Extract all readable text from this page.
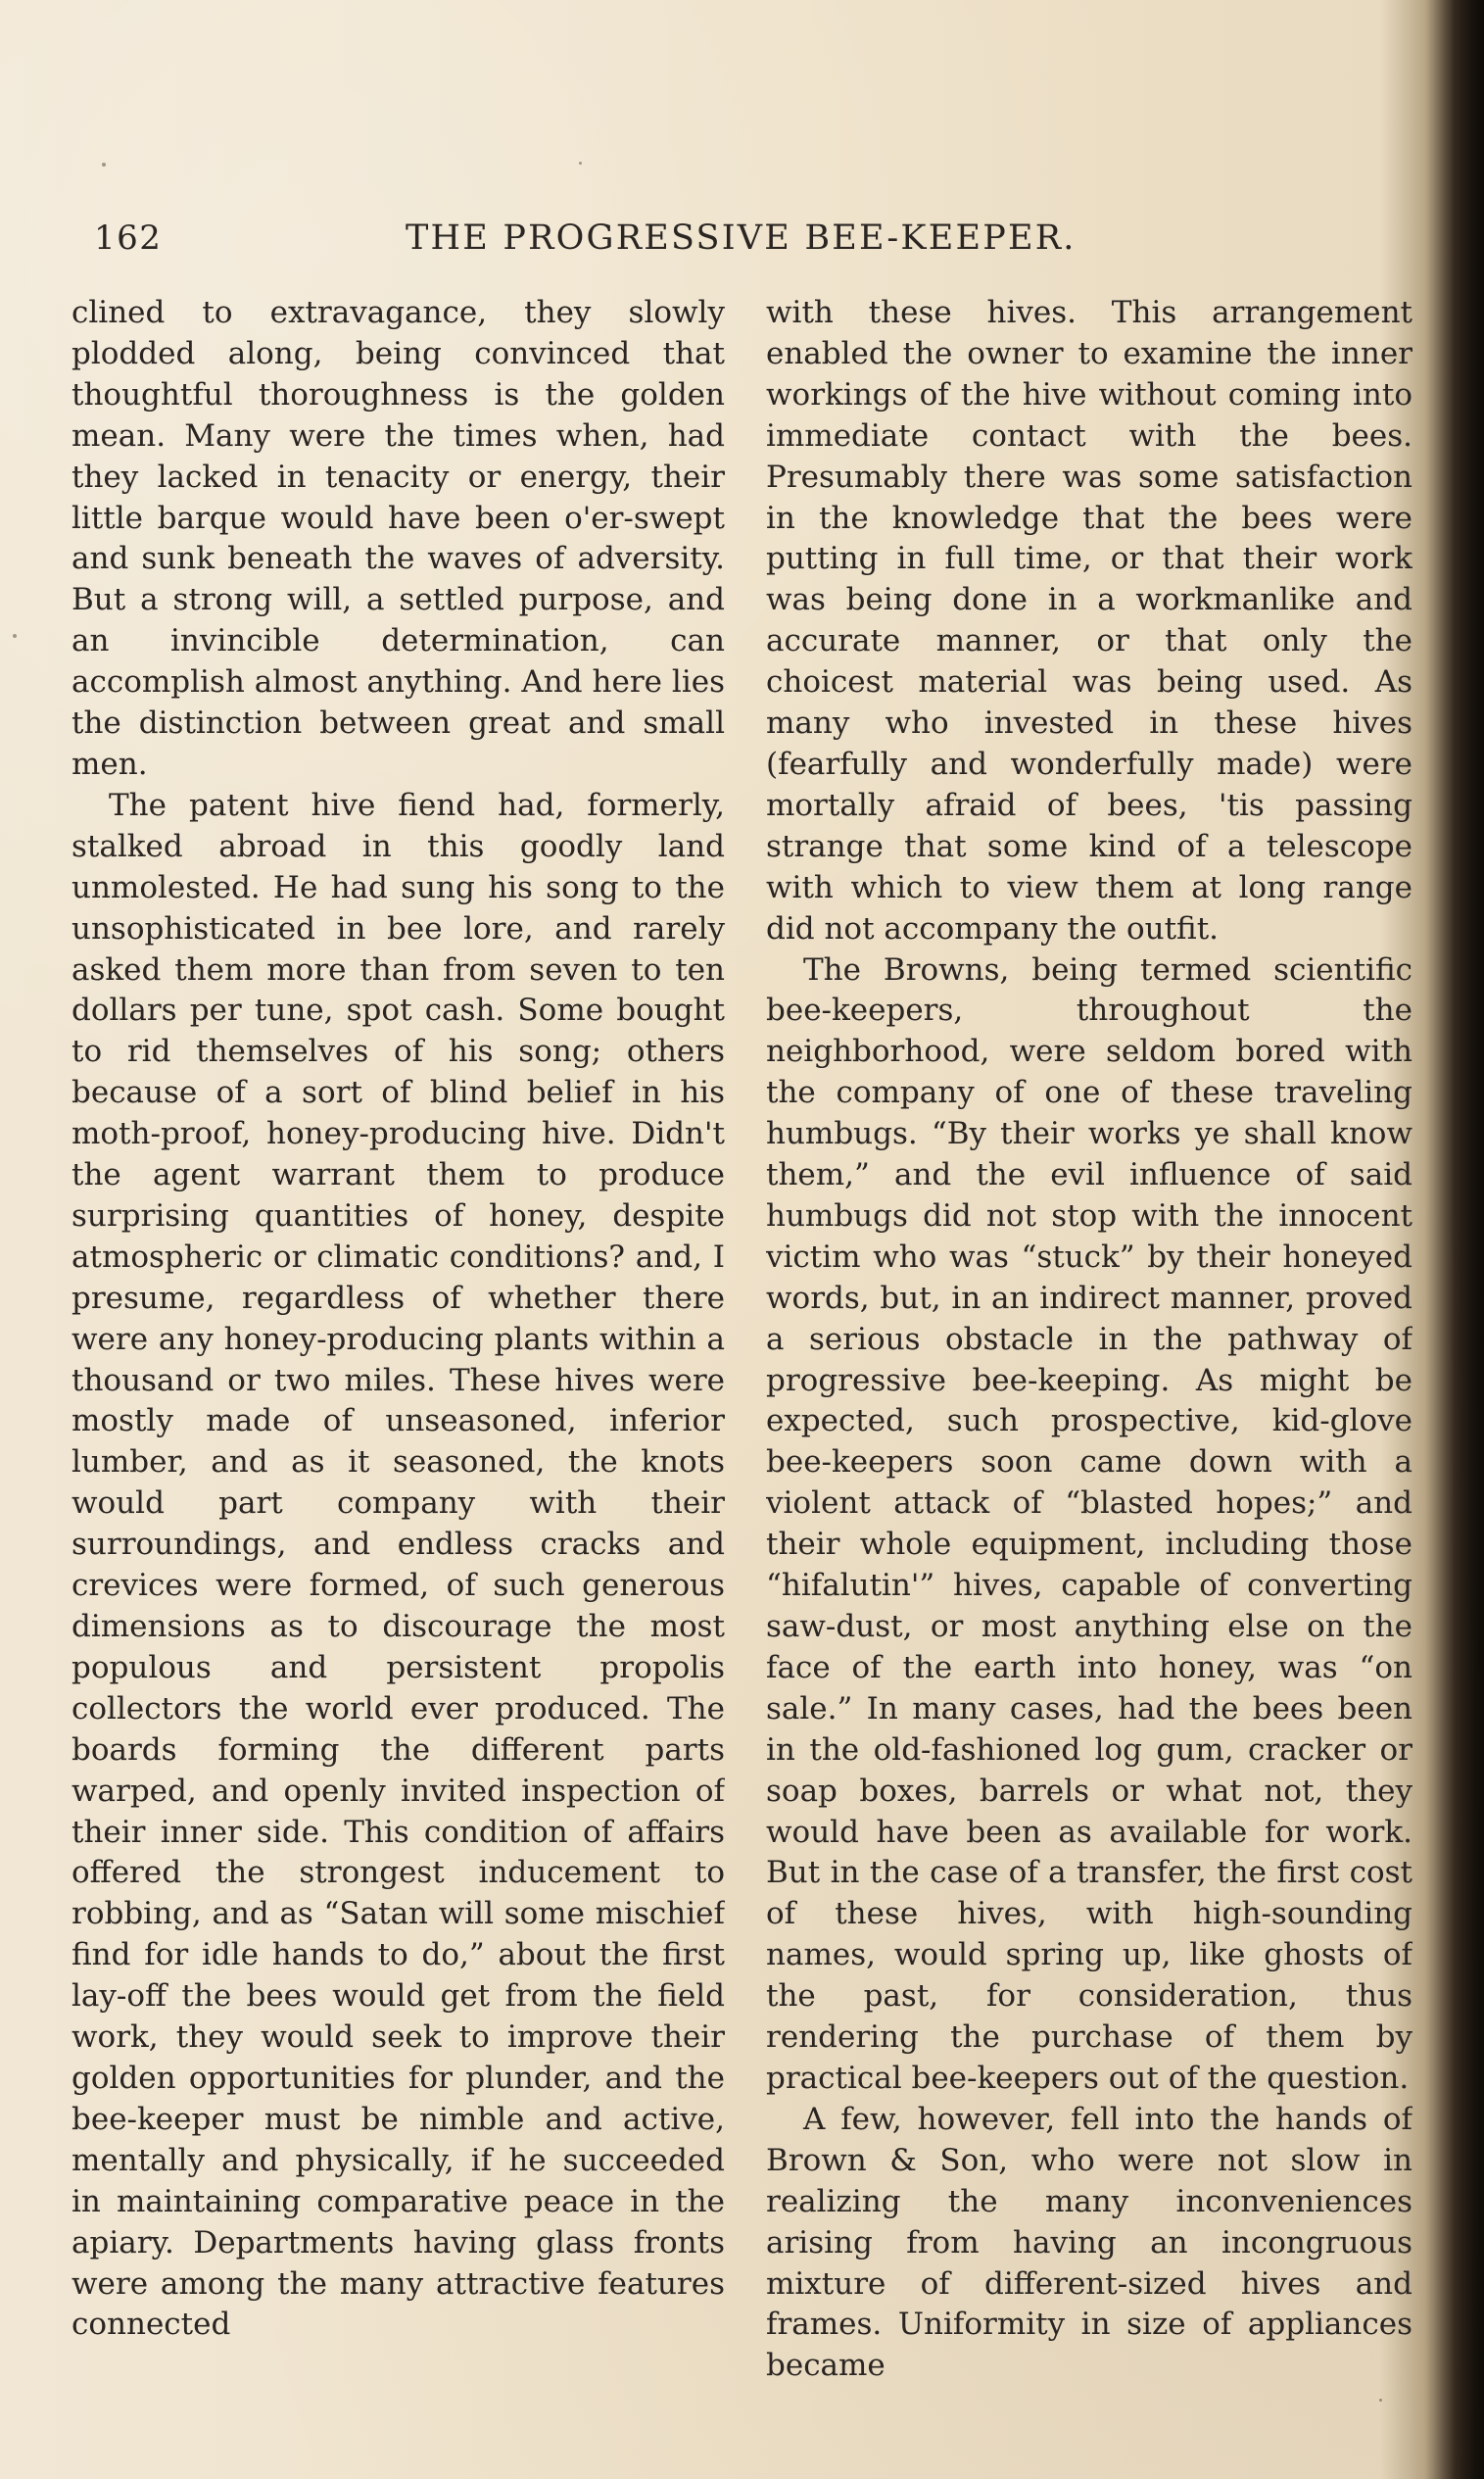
162	THE PROGRESSIVE BEE-KEEPER.

clined to extravagance, they slowly plodded along, being convinced that thoughtful thoroughness is the golden mean. Many were the times when, had they lacked in tenacity or energy, their little barque would have been o'er-swept and sunk beneath the waves of adversity. But a strong will, a settled purpose, and an invincible determination, can accomplish almost anything. And here lies the distinction between great and small men.

The patent hive fiend had, formerly, stalked abroad in this goodly land unmolested. He had sung his song to the unsophisticated in bee lore, and rarely asked them more than from seven to ten dollars per tune, spot cash. Some bought to rid themselves of his song; others because of a sort of blind belief in his moth-proof, honey-producing hive. Didn't the agent warrant them to produce surprising quantities of honey, despite atmospheric or climatic conditions? and, I presume, regardless of whether there were any honey-producing plants within a thousand or two miles. These hives were mostly made of unseasoned, inferior lumber, and as it seasoned, the knots would part company with their surroundings, and endless cracks and crevices were formed, of such generous dimensions as to discourage the most populous and persistent propolis collectors the world ever produced. The boards forming the different parts warped, and openly invited inspection of their inner side. This condition of affairs offered the strongest inducement to robbing, and as “Satan will some mischief find for idle hands to do,” about the first lay-off the bees would get from the field work, they would seek to improve their golden opportunities for plunder, and the bee-keeper must be nimble and active, mentally and physically, if he succeeded in maintaining comparative peace in the apiary. Departments having glass fronts were among the many attractive features connected

with these hives. This arrangement enabled the owner to examine the inner workings of the hive without coming into immediate contact with the bees. Presumably there was some satisfaction in the knowledge that the bees were putting in full time, or that their work was being done in a workmanlike and accurate manner, or that only the choicest material was being used. As many who invested in these hives (fearfully and wonderfully made) were mortally afraid of bees, 'tis passing strange that some kind of a telescope with which to view them at long range did not accompany the outfit.

The Browns, being termed scientific bee-keepers, throughout the neighborhood, were seldom bored with the company of one of these traveling humbugs. “By their works ye shall know them,” and the evil influence of said humbugs did not stop with the innocent victim who was “stuck” by their honeyed words, but, in an indirect manner, proved a serious obstacle in the pathway of progressive bee-keeping. As might be expected, such prospective, kid-glove bee-keepers soon came down with a violent attack of “blasted hopes;” and their whole equipment, including those “hifalutin'” hives, capable of converting saw-dust, or most anything else on the face of the earth into honey, was “on sale.” In many cases, had the bees been in the old-fashioned log gum, cracker or soap boxes, barrels or what not, they would have been as available for work. But in the case of a transfer, the first cost of these hives, with high-sounding names, would spring up, like ghosts of the past, for consideration, thus rendering the purchase of them by practical bee-keepers out of the question.

A few, however, fell into the hands of Brown & Son, who were not slow in realizing the many inconveniences arising from having an incongruous mixture of different-sized hives and frames. Uniformity in size of appliances became
